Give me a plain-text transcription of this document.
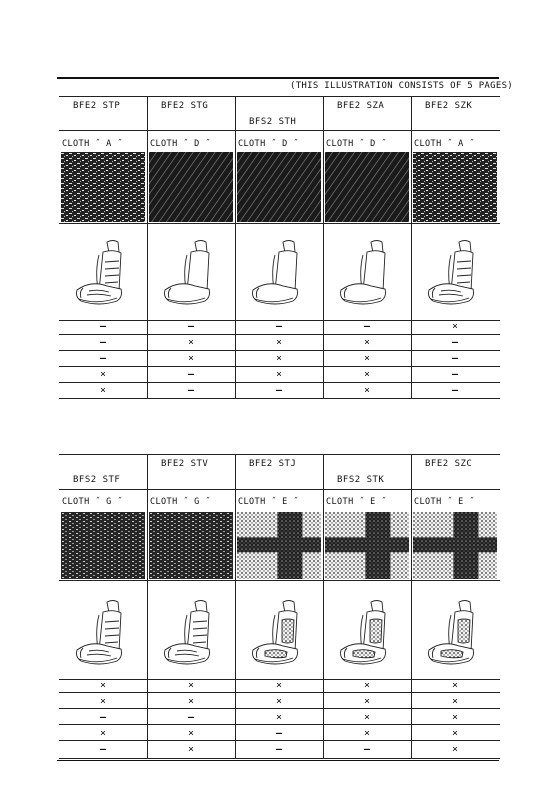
(THIS ILLUSTRATION CONSISTS OF 5 PAGES)
BFE2 STP
CLOTH ˝ A ˝
—
—
—
×
×
BFE2 STG
CLOTH ˝ D ˝
—
×
×
—
—
BFS2 STH
CLOTH ˝ D ˝
—
×
×
×
—
BFE2 SZA
CLOTH ˝ D ˝
—
×
×
×
×
BFE2 SZK
CLOTH ˝ A ˝
×
—
—
—
—
BFS2 STF
CLOTH ˝ G ˝
×
×
—
×
—
BFE2 STV
CLOTH ˝ G ˝
×
×
—
×
×
BFE2 STJ
CLOTH ˝ E ˝
×
×
×
—
—
BFS2 STK
CLOTH ˝ E ˝
×
×
×
×
—
BFE2 SZC
CLOTH ˝ E ˝
×
×
×
×
×
